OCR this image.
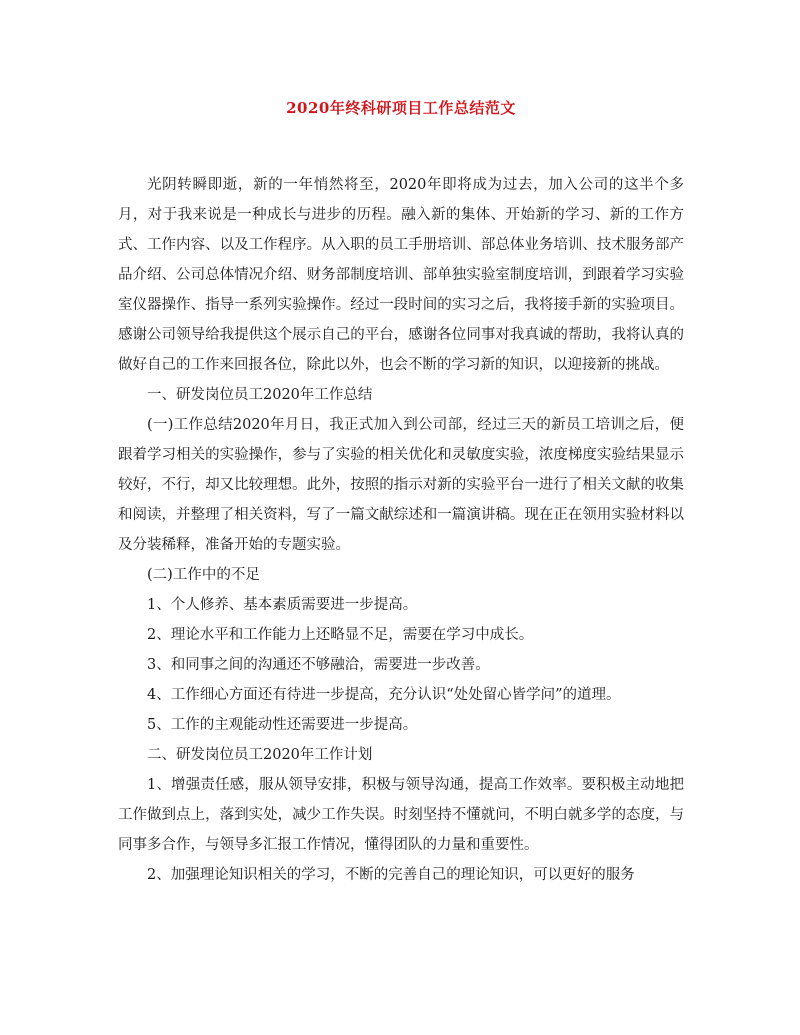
2020年终科研项目工作总结范文

光阴转瞬即逝，新的一年悄然将至，2020年即将成为过去，加入公司的这半个多月，对于我来说是一种成长与进步的历程。融入新的集体、开始新的学习、新的工作方式、工作内容、以及工作程序。从入职的员工手册培训、部总体业务培训、技术服务部产品介绍、公司总体情况介绍、财务部制度培训、部单独实验室制度培训，到跟着学习实验室仪器操作、指导一系列实验操作。经过一段时间的实习之后，我将接手新的实验项目。感谢公司领导给我提供这个展示自己的平台，感谢各位同事对我真诚的帮助，我将认真的做好自己的工作来回报各位，除此以外，也会不断的学习新的知识，以迎接新的挑战。

一、研发岗位员工2020年工作总结

(一)工作总结2020年月日，我正式加入到公司部，经过三天的新员工培训之后，便跟着学习相关的实验操作，参与了实验的相关优化和灵敏度实验，浓度梯度实验结果显示较好，不行，却又比较理想。此外，按照的指示对新的实验平台一进行了相关文献的收集和阅读，并整理了相关资料，写了一篇文献综述和一篇演讲稿。现在正在领用实验材料以及分装稀释，准备开始的专题实验。

(二)工作中的不足

1、个人修养、基本素质需要进一步提高。

2、理论水平和工作能力上还略显不足，需要在学习中成长。

3、和同事之间的沟通还不够融洽，需要进一步改善。

4、工作细心方面还有待进一步提高，充分认识“处处留心皆学问”的道理。

5、工作的主观能动性还需要进一步提高。

二、研发岗位员工2020年工作计划

1、增强责任感，服从领导安排，积极与领导沟通，提高工作效率。要积极主动地把工作做到点上，落到实处，减少工作失误。时刻坚持不懂就问，不明白就多学的态度，与同事多合作，与领导多汇报工作情况，懂得团队的力量和重要性。

2、加强理论知识相关的学习，不断的完善自己的理论知识，可以更好的服务
